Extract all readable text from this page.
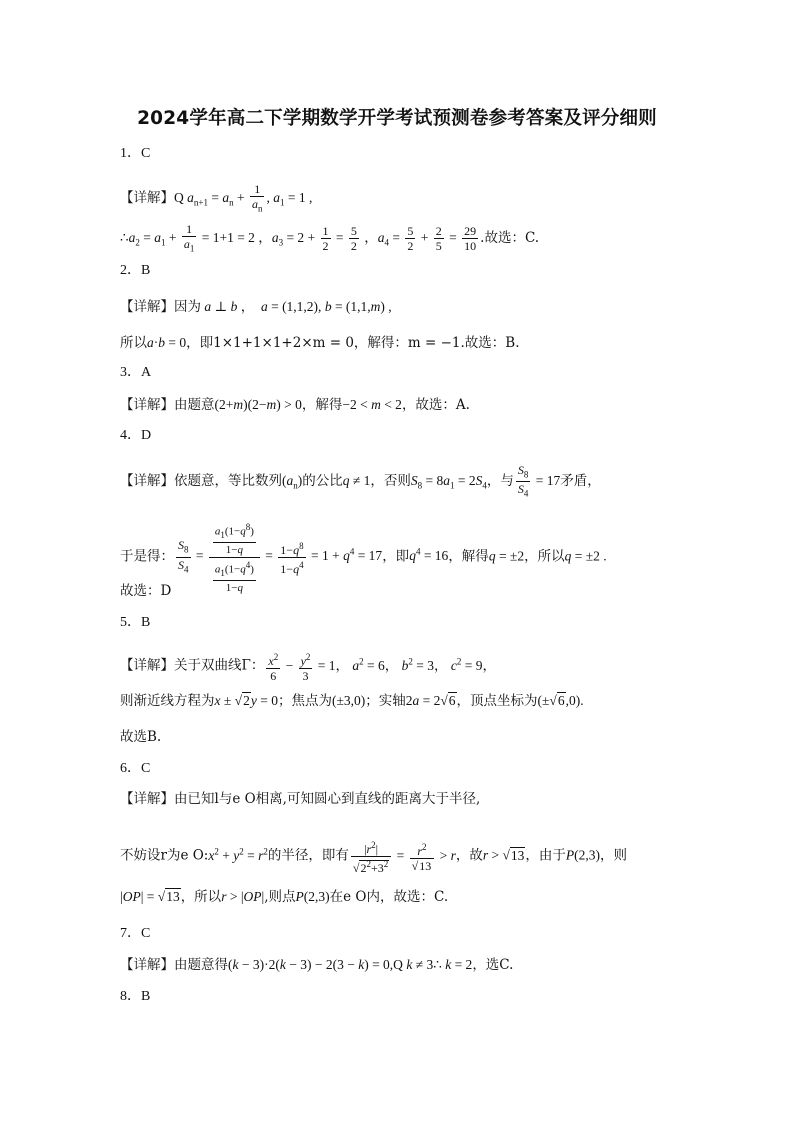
2024学年高二下学期数学开学考试预测卷参考答案及评分细则
1．C
【详解】Q $a_{n+1} = a_n + \frac{1}{a_n}$ , $a_1 = 1$ ,
$\therefore a_2 = a_1 + \frac{1}{a_1} = 1+1 = 2$ ，$a_3 = 2 + \frac{1}{2} = \frac{5}{2}$ ，$a_4 = \frac{5}{2} + \frac{2}{5} = \frac{29}{10}$ .故选：C.
2．B
【详解】因为 a ⊥ b ，  a = (1,1,2), b = (1,1,m) ,
所以a·b = 0，即1×1+1×1+2×m = 0，解得：m = −1.故选：B.
3．A
【详解】由题意(2+m)(2−m) > 0，解得−2 < m < 2，故选：A.
4．D
【详解】依题意，等比数列$(a_n)$的公比q ≠ 1，否则$S_8 = 8a_1 = 2S_4$，与 $\frac{S_8}{S_4} = 17$矛盾，
于是得： $\frac{S_8}{S_4} = \frac{\frac{a_1(1-q^8)}{1-q}}{\frac{a_1(1-q^4)}{1-q}} = \frac{1-q^8}{1-q^4} = 1 + q^4 = 17$，即$q^4 = 16$，解得q = ±2，所以q = ±2 .
故选：D
5．B
【详解】关于双曲线Γ： $\frac{x^2}{6} - \frac{y^2}{3} = 1$， $a^2 = 6$， $b^2 = 3$， $c^2 = 9$，
则渐近线方程为x ± √2y = 0；焦点为(±3,0)；实轴2a = 2√6，顶点坐标为(±√6,0).
故选B.
6．C
【详解】由已知l与e O相离,可知圆心到直线的距离大于半径,
不妨设r为e $O:x^2 + y^2 = r^2$的半径，即有 $\frac{|r^2|}{√2^2+3^2} = \frac{r^2}{√13} > r$，故r > √13，由于P(2,3)，则
|OP| = √13，所以r > |OP|,则点P(2,3)在e O内，故选：C.
7．C
【详解】由题意得(k − 3)·2(k − 3) − 2(3 − k) = 0,Q k ≠ 3∴ k = 2，选C.
8．B
